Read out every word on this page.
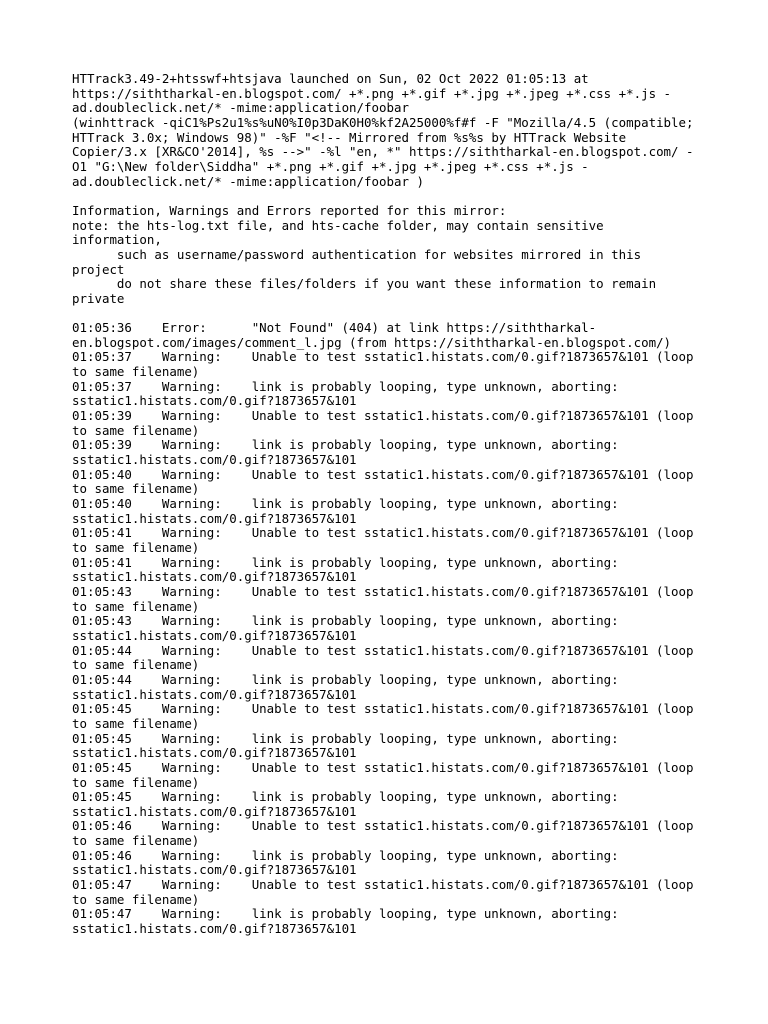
HTTrack3.49-2+htsswf+htsjava launched on Sun, 02 Oct 2022 01:05:13 at
https://siththarkal-en.blogspot.com/ +*.png +*.gif +*.jpg +*.jpeg +*.css +*.js -
ad.doubleclick.net/* -mime:application/foobar
(winhttrack -qiC1%Ps2u1%s%uN0%I0p3DaK0H0%kf2A25000%f#f -F "Mozilla/4.5 (compatible;
HTTrack 3.0x; Windows 98)" -%F "<!-- Mirrored from %s%s by HTTrack Website
Copier/3.x [XR&CO'2014], %s -->" -%l "en, *" https://siththarkal-en.blogspot.com/ -
O1 "G:\New folder\Siddha" +*.png +*.gif +*.jpg +*.jpeg +*.css +*.js -
ad.doubleclick.net/* -mime:application/foobar )
Information, Warnings and Errors reported for this mirror:
note: the hts-log.txt file, and hts-cache folder, may contain sensitive
information,
such as username/password authentication for websites mirrored in this
project
do not share these files/folders if you want these information to remain
private
01:05:36 Error:	"Not Found" (404) at link https://siththarkal-
en.blogspot.com/images/comment_l.jpg (from https://siththarkal-en.blogspot.com/)
01:05:37 Warning: Unable to test sstatic1.histats.com/0.gif?1873657&101 (loop
to same filename)
01:05:37 Warning: link is probably looping, type unknown, aborting:
sstatic1.histats.com/0.gif?1873657&101
01:05:39 Warning: Unable to test sstatic1.histats.com/0.gif?1873657&101 (loop
to same filename)
01:05:39 Warning: link is probably looping, type unknown, aborting:
sstatic1.histats.com/0.gif?1873657&101
01:05:40 Warning: Unable to test sstatic1.histats.com/0.gif?1873657&101 (loop
to same filename)
01:05:40 Warning: link is probably looping, type unknown, aborting:
sstatic1.histats.com/0.gif?1873657&101
01:05:41 Warning: Unable to test sstatic1.histats.com/0.gif?1873657&101 (loop
to same filename)
01:05:41 Warning: link is probably looping, type unknown, aborting:
sstatic1.histats.com/0.gif?1873657&101
01:05:43 Warning: Unable to test sstatic1.histats.com/0.gif?1873657&101 (loop
to same filename)
01:05:43 Warning: link is probably looping, type unknown, aborting:
sstatic1.histats.com/0.gif?1873657&101
01:05:44 Warning: Unable to test sstatic1.histats.com/0.gif?1873657&101 (loop
to same filename)
01:05:44 Warning: link is probably looping, type unknown, aborting:
sstatic1.histats.com/0.gif?1873657&101
01:05:45 Warning: Unable to test sstatic1.histats.com/0.gif?1873657&101 (loop
to same filename)
01:05:45 Warning: link is probably looping, type unknown, aborting:
sstatic1.histats.com/0.gif?1873657&101
01:05:45 Warning: Unable to test sstatic1.histats.com/0.gif?1873657&101 (loop
to same filename)
01:05:45 Warning: link is probably looping, type unknown, aborting:
sstatic1.histats.com/0.gif?1873657&101
01:05:46 Warning: Unable to test sstatic1.histats.com/0.gif?1873657&101 (loop
to same filename)
01:05:46 Warning: link is probably looping, type unknown, aborting:
sstatic1.histats.com/0.gif?1873657&101
01:05:47 Warning: Unable to test sstatic1.histats.com/0.gif?1873657&101 (loop
to same filename)
01:05:47 Warning: link is probably looping, type unknown, aborting:
sstatic1.histats.com/0.gif?1873657&101
